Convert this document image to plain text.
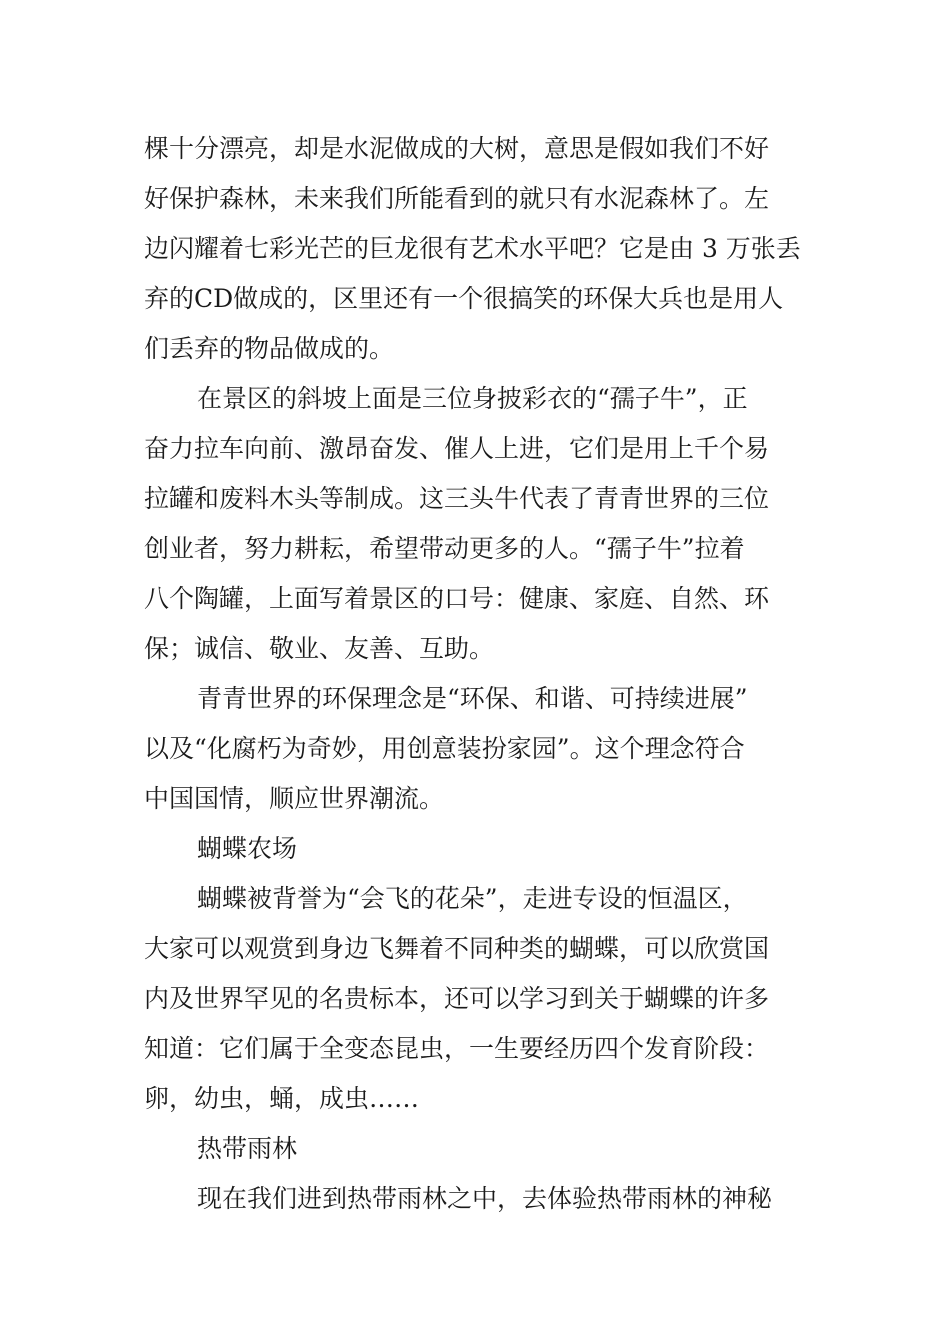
棵十分漂亮，却是水泥做成的大树，意思是假如我们不好
好保护森林，未来我们所能看到的就只有水泥森林了。左
边闪耀着七彩光芒的巨龙很有艺术水平吧？它是由 3 万张丢
弃的CD做成的，区里还有一个很搞笑的环保大兵也是用人
们丢弃的物品做成的。
在景区的斜坡上面是三位身披彩衣的“孺子牛”，正
奋力拉车向前、激昂奋发、催人上进，它们是用上千个易
拉罐和废料木头等制成。这三头牛代表了青青世界的三位
创业者，努力耕耘，希望带动更多的人。“孺子牛”拉着
八个陶罐，上面写着景区的口号：健康、家庭、自然、环
保；诚信、敬业、友善、互助。
青青世界的环保理念是“环保、和谐、可持续进展”
以及“化腐朽为奇妙，用创意装扮家园”。这个理念符合
中国国情，顺应世界潮流。
蝴蝶农场
蝴蝶被背誉为“会飞的花朵”，走进专设的恒温区，
大家可以观赏到身边飞舞着不同种类的蝴蝶，可以欣赏国
内及世界罕见的名贵标本，还可以学习到关于蝴蝶的许多
知道：它们属于全变态昆虫，一生要经历四个发育阶段：
卵，幼虫，蛹，成虫……
热带雨林
现在我们进到热带雨林之中，去体验热带雨林的神秘
